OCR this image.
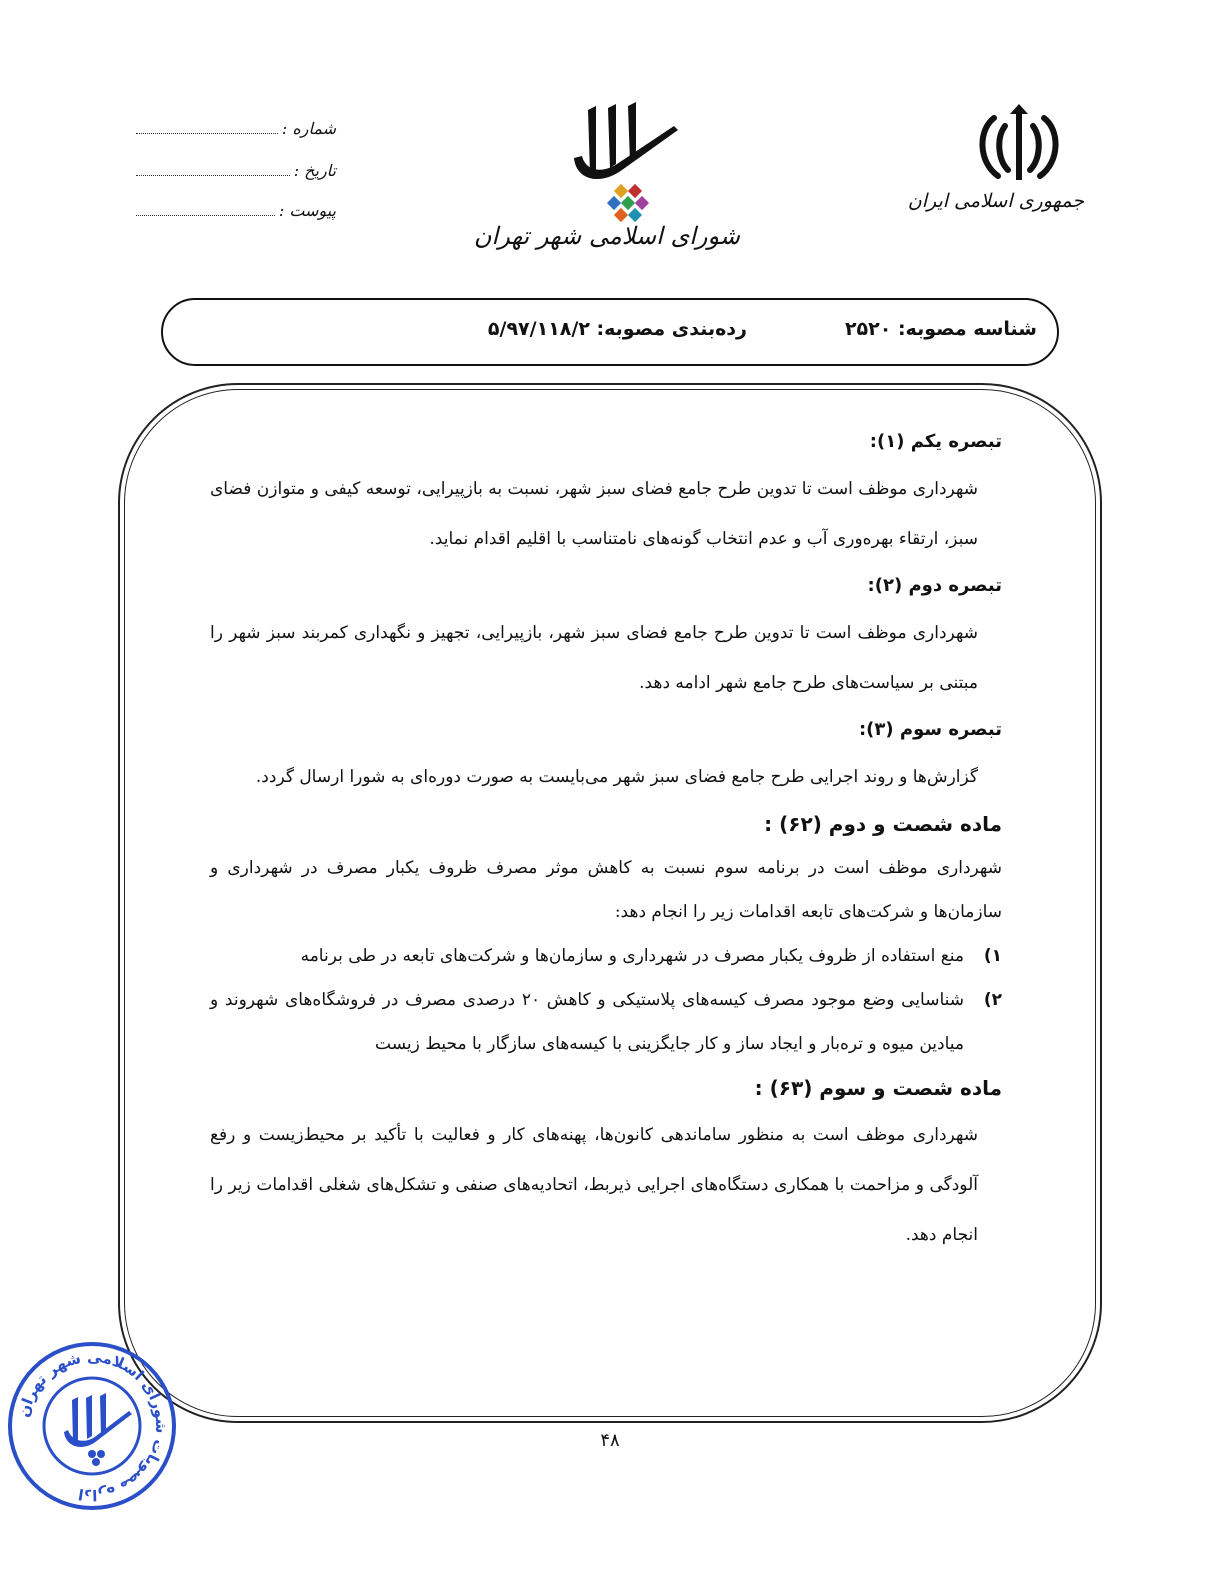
جمهوری اسلامی ایران
شورای اسلامی شهر تهران
شماره :
تاریخ :
پیوست :
شناسه مصوبه: ۲۵۲۰
رده‌بندی مصوبه: ۵/۹۷/۱۱۸/۲
تبصره یکم (۱):

شهرداری موظف است تا تدوین طرح جامع فضای سبز شهر، نسبت به بازپیرایی، توسعه کیفی و متوازن فضای سبز، ارتقاء بهره‌وری آب و عدم انتخاب گونه‌های نامتناسب با اقلیم اقدام نماید.

تبصره دوم (۲):

شهرداری موظف است تا تدوین طرح جامع فضای سبز شهر، بازپیرایی، تجهیز و نگهداری کمربند سبز شهر را مبتنی بر سیاست‌های طرح جامع شهر ادامه دهد.

تبصره سوم (۳):

گزارش‌ها و روند اجرایی طرح جامع فضای سبز شهر می‌بایست به صورت دوره‌ای به شورا ارسال گردد.

ماده شصت و دوم (۶۲) :

شهرداری موظف است در برنامه سوم نسبت به کاهش موثر مصرف ظروف یکبار مصرف در شهرداری و سازمان‌ها و شرکت‌های تابعه اقدامات زیر را انجام دهد:

۱)
منع استفاده از ظروف یکبار مصرف در شهرداری و سازمان‌ها و شرکت‌های تابعه در طی برنامه
۲)
شناسایی وضع موجود مصرف کیسه‌های پلاستیکی و کاهش ۲۰ درصدی مصرف در فروشگاه‌های شهروند و میادین میوه و تره‌بار و ایجاد ساز و کار جایگزینی با کیسه‌های سازگار با محیط زیست
ماده شصت و سوم (۶۳) :

شهرداری موظف است به منظور ساماندهی کانون‌ها، پهنه‌های کار و فعالیت با تأکید بر محیط‌زیست و رفع آلودگی و مزاحمت با همکاری دستگاه‌های اجرایی ذیربط، اتحادیه‌های صنفی و تشکل‌های شغلی اقدامات زیر را انجام دهد.

اداره مصوبات شورای اسلامی شهر تهران
۴۸
